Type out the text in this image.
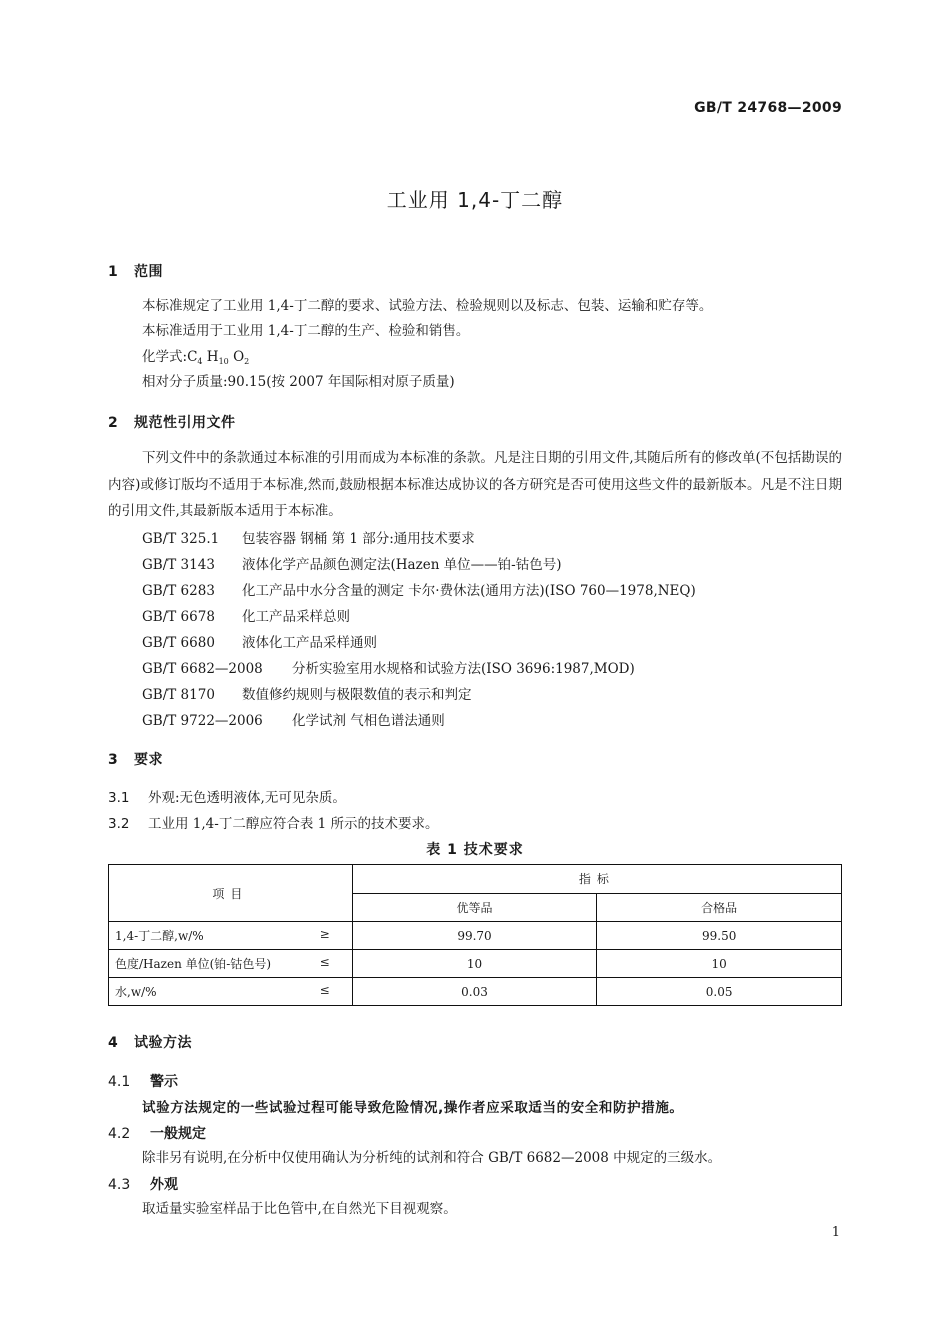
GB/T 24768—2009
工业用 1,4-丁二醇
1 范围
本标准规定了工业用 1,4-丁二醇的要求、试验方法、检验规则以及标志、包装、运输和贮存等。
本标准适用于工业用 1,4-丁二醇的生产、检验和销售。
化学式$:C_4$ $H_{10}$ $O_2$
相对分子质量:90.15(按 2007 年国际相对原子质量)
2 规范性引用文件
下列文件中的条款通过本标准的引用而成为本标准的条款。凡是注日期的引用文件,其随后所有的修改单(不包括勘误的内容)或修订版均不适用于本标准,然而,鼓励根据本标准达成协议的各方研究是否可使用这些文件的最新版本。凡是不注日期的引用文件,其最新版本适用于本标准。
GB/T 325.1 包装容器 钢桶 第 1 部分:通用技术要求
GB/T 3143 液体化学产品颜色测定法(Hazen 单位——铂-钴色号)
GB/T 6283 化工产品中水分含量的测定 卡尔·费休法(通用方法)(ISO 760—1978,NEQ)
GB/T 6678 化工产品采样总则
GB/T 6680 液体化工产品采样通则
GB/T 6682—2008 分析实验室用水规格和试验方法(ISO 3696:1987,MOD)
GB/T 8170 数值修约规则与极限数值的表示和判定
GB/T 9722—2006 化学试剂 气相色谱法通则
3 要求
3.1 外观:无色透明液体,无可见杂质。
3.2 工业用 1,4-丁二醇应符合表 1 所示的技术要求。
表 1 技术要求
项目	指标	
	优等品	合格品
1,4-丁二醇,w/% ≥	99.70	99.50
色度/Hazen 单位(铂-钴色号) ≤	10	10
水,w/% ≤	0.03	0.05
4 试验方法
4.1 警示
试验方法规定的一些试验过程可能导致危险情况,操作者应采取适当的安全和防护措施。
4.2 一般规定
除非另有说明,在分析中仅使用确认为分析纯的试剂和符合 GB/T 6682—2008 中规定的三级水。
4.3 外观
取适量实验室样品于比色管中,在自然光下目视观察。
1
